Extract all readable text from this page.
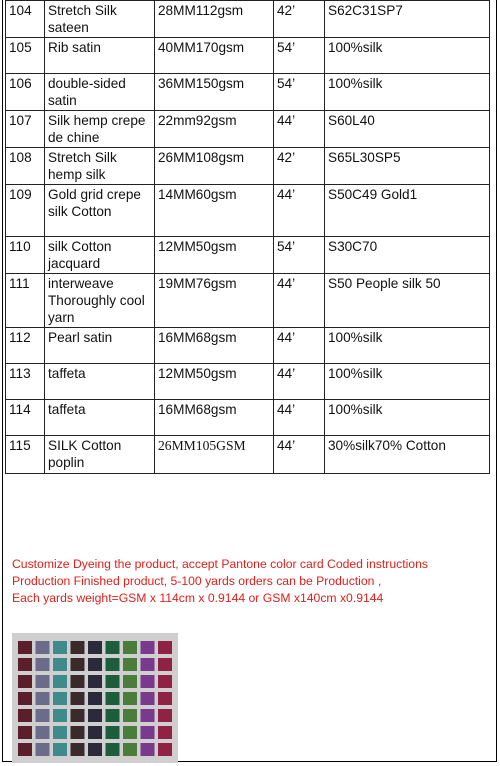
104	Stretch Silk sateen	28MM112gsm	42’	S62C31SP7
105	Rib satin	40MM170gsm	54’	100%silk
106	double-sided satin	36MM150gsm	54’	100%silk
107	Silk hemp crepe de chine	22mm92gsm	44’	S60L40
108	Stretch Silk hemp silk	26MM108gsm	42’	S65L30SP5
109	Gold grid crepe silk Cotton	14MM60gsm	44’	S50C49 Gold1
110	silk Cotton jacquard	12MM50gsm	54’	S30C70
111	interweave Thoroughly cool yarn	19MM76gsm	44’	S50 People silk 50
112	Pearl satin	16MM68gsm	44’	100%silk
113	taffeta	12MM50gsm	44’	100%silk
114	taffeta	16MM68gsm	44’	100%silk
115	SILK Cotton poplin	26MM105GSM	44’	30%silk70% Cotton
Customize Dyeing the product, accept Pantone color card Coded instructions
Production Finished product, 5-100 yards orders can be Production ,
Each yards weight=GSM x 114cm x 0.9144 or GSM x140cm x0.9144
